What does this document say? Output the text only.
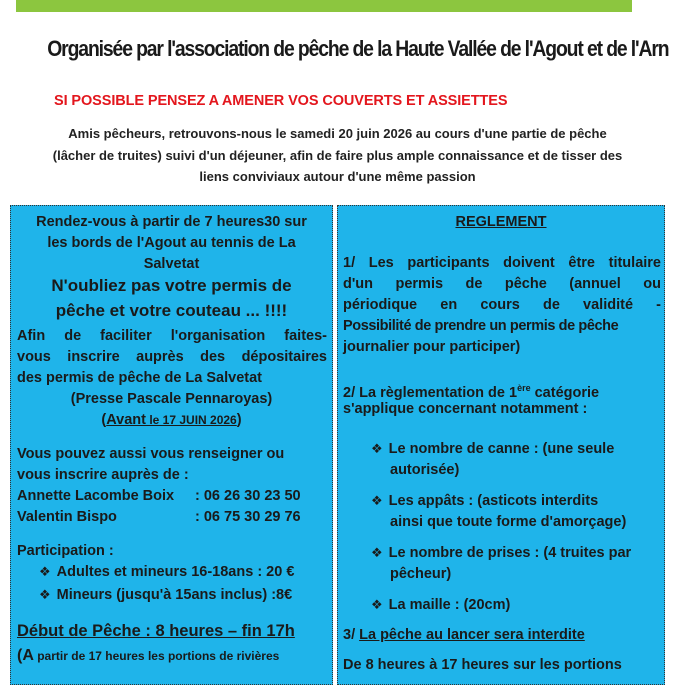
Organisée par l'association de pêche de la Haute Vallée de l'Agout et de l'Arn
SI POSSIBLE PENSEZ A AMENER VOS COUVERTS ET ASSIETTES
Amis pêcheurs, retrouvons-nous le samedi 20 juin 2026 au cours d'une partie de pêche
(lâcher de truites) suivi d'un déjeuner, afin de faire plus ample connaissance et de tisser des
liens conviviaux autour d'une même passion
Rendez-vous à partir de 7 heures30 sur
les bords de l'Agout au tennis de La
Salvetat
N'oubliez pas votre permis de
pêche et votre couteau ... !!!!
Afin de faciliter l'organisation faites-
vous inscrire auprès des dépositaires
des permis de pêche de La Salvetat
(Presse Pascale Pennaroyas)
(Avant le 17 JUIN 2026)
Vous pouvez aussi vous renseigner ou
vous inscrire auprès de :
Annette Lacombe Boix : 06 26 30 23 50
Valentin Bispo	: 06 75 30 29 76
Participation :
❖ Adultes et mineurs 16-18ans : 20 €
❖ Mineurs (jusqu'à 15ans inclus) :8€
Début de Pêche : 8 heures – fin 17h
(A partir de 17 heures les portions de rivières
REGLEMENT
1/ Les participants doivent être titulaire
d'un permis de pêche (annuel ou
périodique en cours de validité -
Possibilité de prendre un permis de pêche
journalier pour participer)
2/ La règlementation de 1ère catégorie
s'applique concernant notamment :
❖ Le nombre de canne : (une seule
autorisée)
❖ Les appâts : (asticots interdits
ainsi que toute forme d'amorçage)
❖ Le nombre de prises : (4 truites par
pêcheur)
❖ La maille : (20cm)
3/ La pêche au lancer sera interdite
De 8 heures à 17 heures sur les portions
